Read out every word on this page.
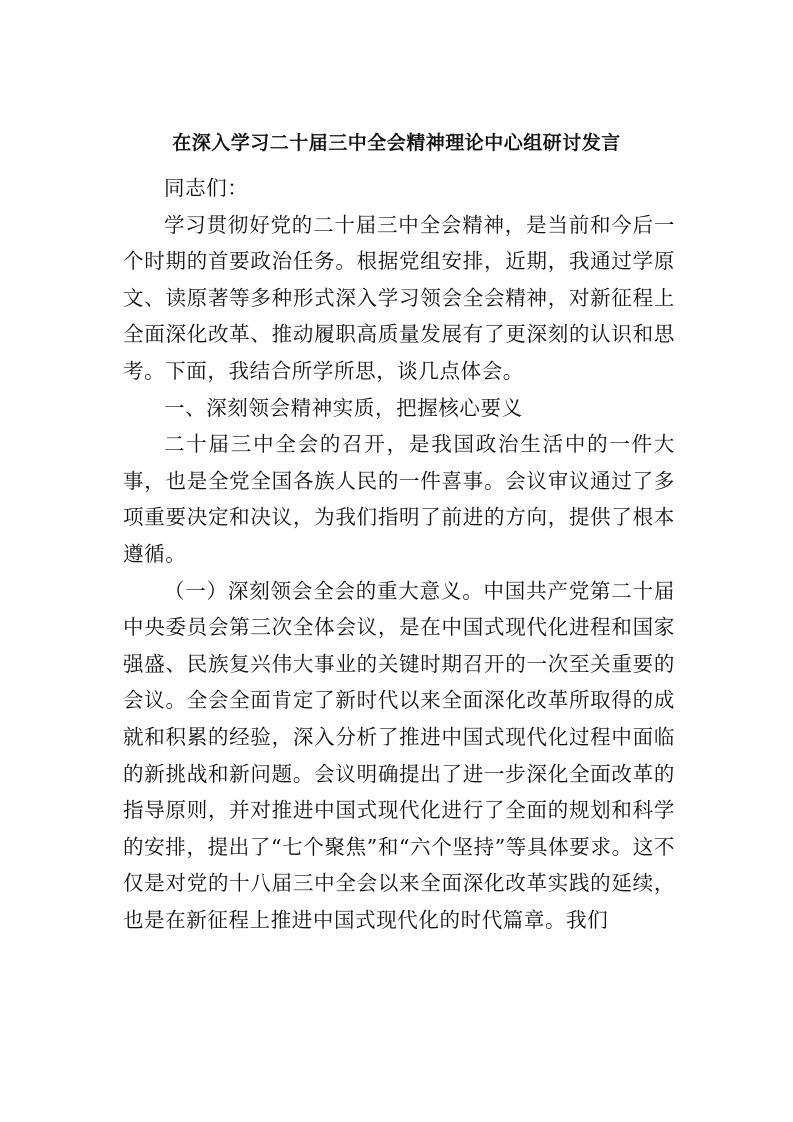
在深入学习二十届三中全会精神理论中心组研讨发言

同志们：

学习贯彻好党的二十届三中全会精神，是当前和今后一个时期的首要政治任务。根据党组安排，近期，我通过学原文、读原著等多种形式深入学习领会全会精神，对新征程上全面深化改革、推动履职高质量发展有了更深刻的认识和思考。下面，我结合所学所思，谈几点体会。

一、深刻领会精神实质，把握核心要义

二十届三中全会的召开，是我国政治生活中的一件大事，也是全党全国各族人民的一件喜事。会议审议通过了多项重要决定和决议，为我们指明了前进的方向，提供了根本遵循。

（一）深刻领会全会的重大意义。中国共产党第二十届中央委员会第三次全体会议，是在中国式现代化进程和国家强盛、民族复兴伟大事业的关键时期召开的一次至关重要的会议。全会全面肯定了新时代以来全面深化改革所取得的成就和积累的经验，深入分析了推进中国式现代化过程中面临的新挑战和新问题。会议明确提出了进一步深化全面改革的指导原则，并对推进中国式现代化进行了全面的规划和科学的安排，提出了“七个聚焦”和“六个坚持”等具体要求。这不仅是对党的十八届三中全会以来全面深化改革实践的延续，也是在新征程上推进中国式现代化的时代篇章。我们
